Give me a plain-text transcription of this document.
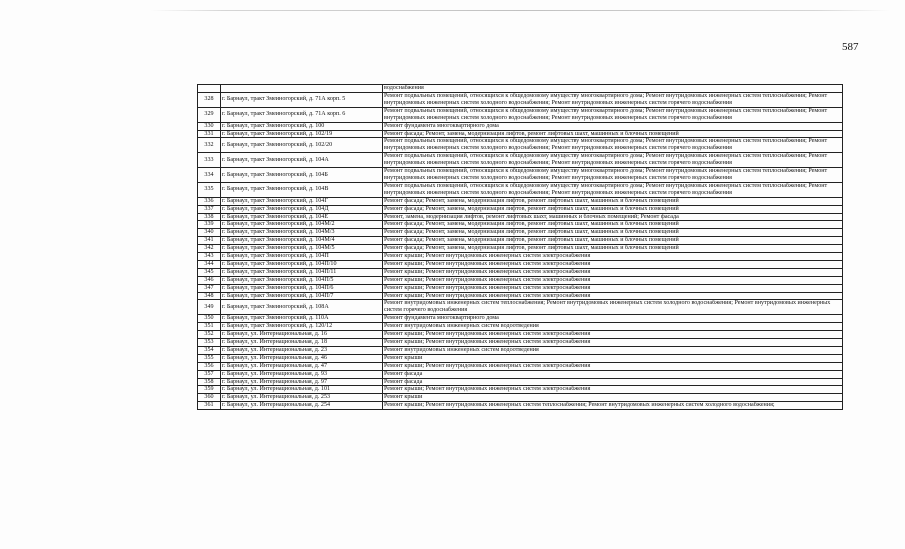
587
		водоснабжения
328	г. Барнаул, тракт Змеиногорский, д. 71А корп. 5	Ремонт подвальных помещений, относящихся к общедомовому имуществу многоквартирного дома; Ремонт внутридомовых инженерных систем теплоснабжения; Ремонт внутридомовых инженерных систем холодного водоснабжения; Ремонт внутридомовых инженерных систем горячего водоснабжения
329	г. Барнаул, тракт Змеиногорский, д. 71А корп. 6	Ремонт подвальных помещений, относящихся к общедомовому имуществу многоквартирного дома; Ремонт внутридомовых инженерных систем теплоснабжения; Ремонт внутридомовых инженерных систем холодного водоснабжения; Ремонт внутридомовых инженерных систем горячего водоснабжения
330	г. Барнаул, тракт Змеиногорский, д. 100	Ремонт фундамента многоквартирного дома
331	г. Барнаул, тракт Змеиногорский, д. 102/19	Ремонт фасада; Ремонт, замена, модернизация лифтов, ремонт лифтовых шахт, машинных и блочных помещений
332	г. Барнаул, тракт Змеиногорский, д. 102/20	Ремонт подвальных помещений, относящихся к общедомовому имуществу многоквартирного дома; Ремонт внутридомовых инженерных систем теплоснабжения; Ремонт внутридомовых инженерных систем холодного водоснабжения; Ремонт внутридомовых инженерных систем горячего водоснабжения
333	г. Барнаул, тракт Змеиногорский, д. 104А	Ремонт подвальных помещений, относящихся к общедомовому имуществу многоквартирного дома; Ремонт внутридомовых инженерных систем теплоснабжения; Ремонт внутридомовых инженерных систем холодного водоснабжения; Ремонт внутридомовых инженерных систем горячего водоснабжения
334	г. Барнаул, тракт Змеиногорский, д. 104Б	Ремонт подвальных помещений, относящихся к общедомовому имуществу многоквартирного дома; Ремонт внутридомовых инженерных систем теплоснабжения; Ремонт внутридомовых инженерных систем холодного водоснабжения; Ремонт внутридомовых инженерных систем горячего водоснабжения
335	г. Барнаул, тракт Змеиногорский, д. 104В	Ремонт подвальных помещений, относящихся к общедомовому имуществу многоквартирного дома; Ремонт внутридомовых инженерных систем теплоснабжения; Ремонт внутридомовых инженерных систем холодного водоснабжения; Ремонт внутридомовых инженерных систем горячего водоснабжения
336	г. Барнаул, тракт Змеиногорский, д. 104Г	Ремонт фасада; Ремонт, замена, модернизация лифтов, ремонт лифтовых шахт, машинных и блочных помещений
337	г. Барнаул, тракт Змеиногорский, д. 104Д	Ремонт фасада; Ремонт, замена, модернизация лифтов, ремонт лифтовых шахт, машинных и блочных помещений
338	г. Барнаул, тракт Змеиногорский, д. 104Е	Ремонт, замена, модернизация лифтов, ремонт лифтовых шахт, машинных и блочных помещений; Ремонт фасада
339	г. Барнаул, тракт Змеиногорский, д. 104М/2	Ремонт фасада; Ремонт, замена, модернизация лифтов, ремонт лифтовых шахт, машинных и блочных помещений
340	г. Барнаул, тракт Змеиногорский, д. 104М/3	Ремонт фасада; Ремонт, замена, модернизация лифтов, ремонт лифтовых шахт, машинных и блочных помещений
341	г. Барнаул, тракт Змеиногорский, д. 104М/4	Ремонт фасада; Ремонт, замена, модернизация лифтов, ремонт лифтовых шахт, машинных и блочных помещений
342	г. Барнаул, тракт Змеиногорский, д. 104М/5	Ремонт фасада; Ремонт, замена, модернизация лифтов, ремонт лифтовых шахт, машинных и блочных помещений
343	г. Барнаул, тракт Змеиногорский, д. 104П	Ремонт крыши; Ремонт внутридомовых инженерных систем электроснабжения
344	г. Барнаул, тракт Змеиногорский, д. 104П/10	Ремонт крыши; Ремонт внутридомовых инженерных систем электроснабжения
345	г. Барнаул, тракт Змеиногорский, д. 104П/11	Ремонт крыши; Ремонт внутридомовых инженерных систем электроснабжения
346	г. Барнаул, тракт Змеиногорский, д. 104П/5	Ремонт крыши; Ремонт внутридомовых инженерных систем электроснабжения
347	г. Барнаул, тракт Змеиногорский, д. 104П/6	Ремонт крыши; Ремонт внутридомовых инженерных систем электроснабжения
348	г. Барнаул, тракт Змеиногорский, д. 104П/7	Ремонт крыши; Ремонт внутридомовых инженерных систем электроснабжения
349	г. Барнаул, тракт Змеиногорский, д. 108А	Ремонт внутридомовых инженерных систем теплоснабжения; Ремонт внутридомовых инженерных систем холодного водоснабжения; Ремонт внутридомовых инженерных систем горячего водоснабжения
350	г. Барнаул, тракт Змеиногорский, д. 110А	Ремонт фундамента многоквартирного дома
351	г. Барнаул, тракт Змеиногорский, д. 120/12	Ремонт внутридомовых инженерных систем водоотведения
352	г. Барнаул, ул. Интернациональная, д. 16	Ремонт крыши; Ремонт внутридомовых инженерных систем электроснабжения
353	г. Барнаул, ул. Интернациональная, д. 18	Ремонт крыши; Ремонт внутридомовых инженерных систем электроснабжения
354	г. Барнаул, ул. Интернациональная, д. 23	Ремонт внутридомовых инженерных систем водоотведения
355	г. Барнаул, ул. Интернациональная, д. 46	Ремонт крыши
356	г. Барнаул, ул. Интернациональная, д. 47	Ремонт крыши; Ремонт внутридомовых инженерных систем электроснабжения
357	г. Барнаул, ул. Интернациональная, д. 93	Ремонт фасада
358	г. Барнаул, ул. Интернациональная, д. 97	Ремонт фасада
359	г. Барнаул, ул. Интернациональная, д. 101	Ремонт крыши; Ремонт внутридомовых инженерных систем электроснабжения
360	г. Барнаул, ул. Интернациональная, д. 253	Ремонт крыши
361	г. Барнаул, ул. Интернациональная, д. 254	Ремонт крыши; Ремонт внутридомовых инженерных систем теплоснабжения; Ремонт внутридомовых инженерных систем холодного водоснабжения;
